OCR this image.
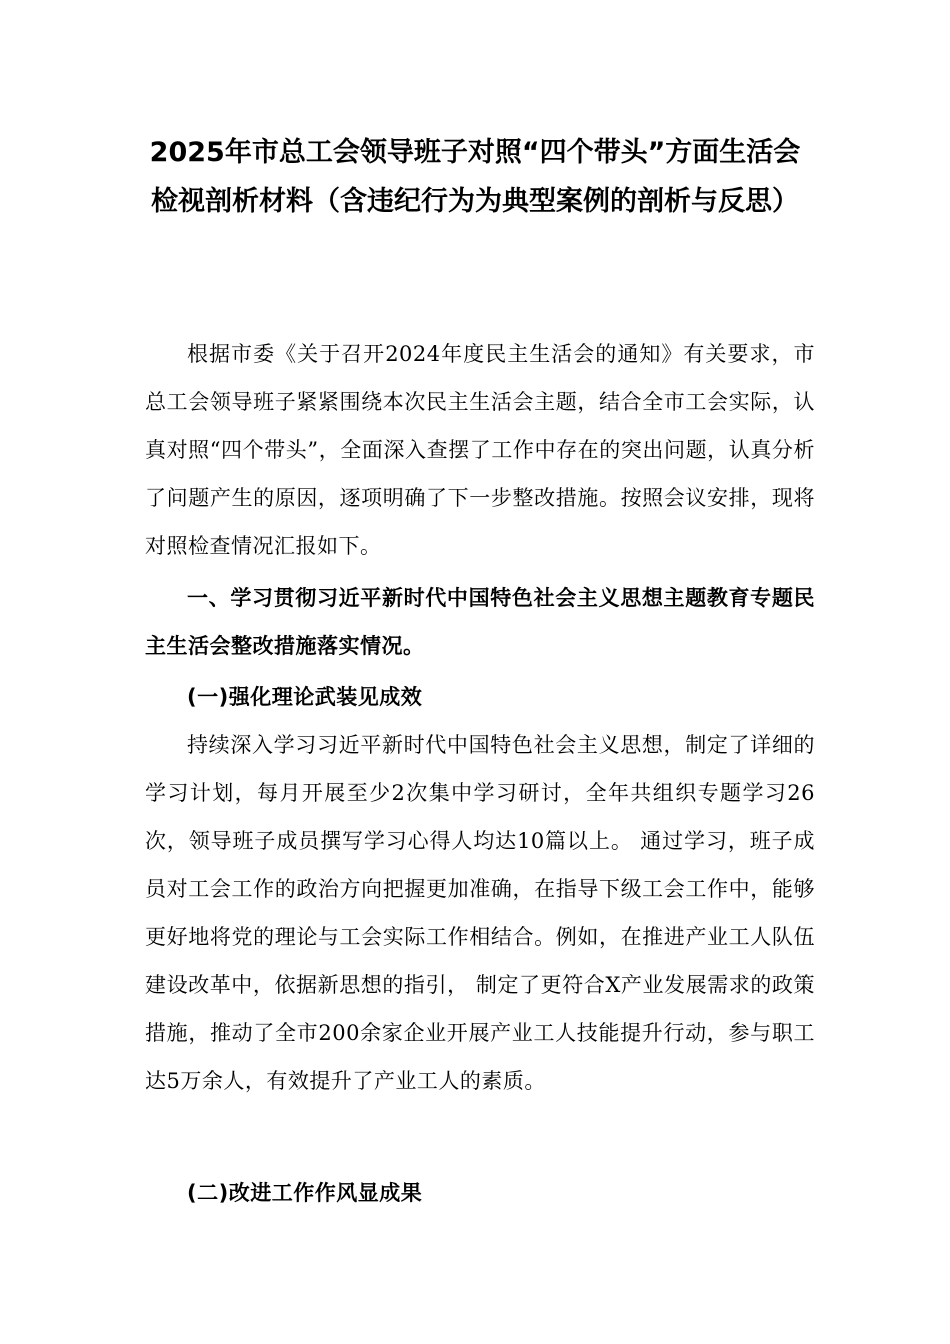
2025年市总工会领导班子对照“四个带头”方面生活会检视剖析材料（含违纪行为为典型案例的剖析与反思）

根据市委《关于召开2024年度民主生活会的通知》有关要求，市总工会领导班子紧紧围绕本次民主生活会主题，结合全市工会实际，认真对照“四个带头”，全面深入查摆了工作中存在的突出问题，认真分析了问题产生的原因，逐项明确了下一步整改措施。按照会议安排，现将对照检查情况汇报如下。

一、学习贯彻习近平新时代中国特色社会主义思想主题教育专题民主生活会整改措施落实情况。

(一)强化理论武装见成效

持续深入学习习近平新时代中国特色社会主义思想，制定了详细的学习计划，每月开展至少2次集中学习研讨，全年共组织专题学习26次，领导班子成员撰写学习心得人均达10篇以上。 通过学习，班子成员对工会工作的政治方向把握更加准确，在指导下级工会工作中，能够更好地将党的理论与工会实际工作相结合。例如，在推进产业工人队伍建设改革中，依据新思想的指引， 制定了更符合X产业发展需求的政策措施，推动了全市200余家企业开展产业工人技能提升行动，参与职工达5万余人，有效提升了产业工人的素质。

(二)改进工作作风显成果
